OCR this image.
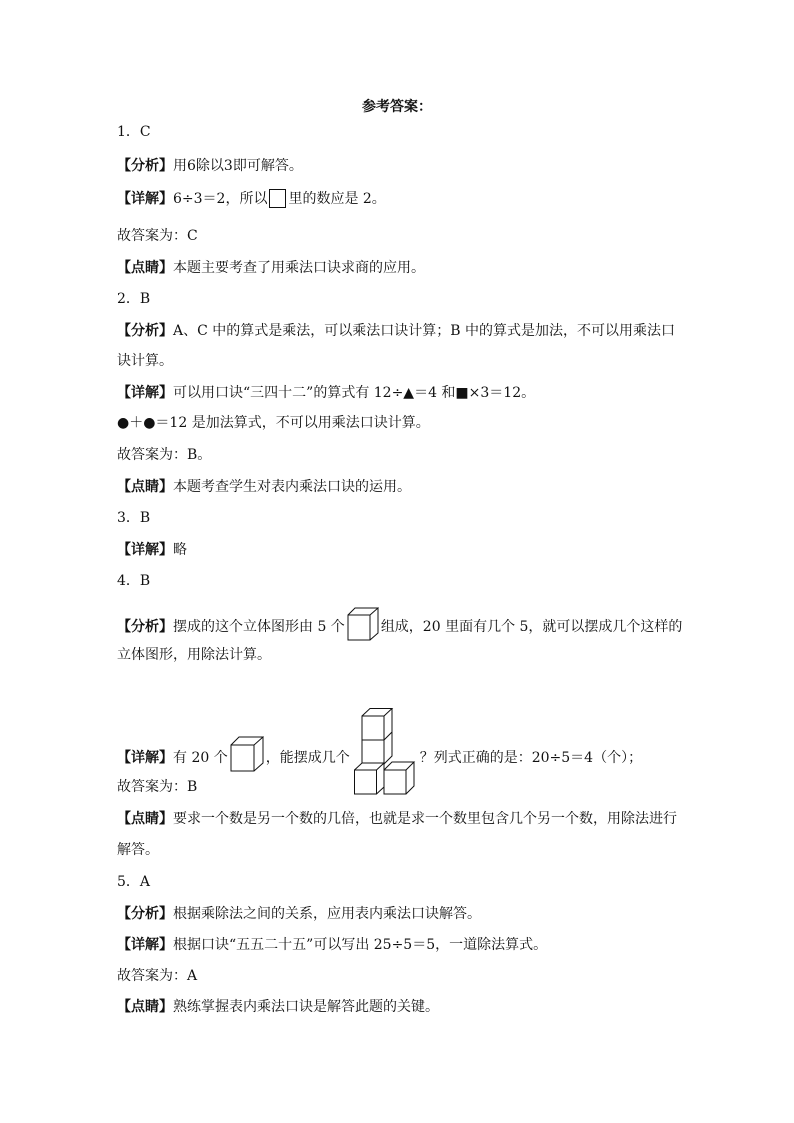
参考答案：
1．C
【分析】用6除以3即可解答。
【详解】6÷3＝2，所以 里的数应是 2。
故答案为：C
【点睛】本题主要考查了用乘法口诀求商的应用。
2．B
【分析】A、C 中的算式是乘法，可以乘法口诀计算；B 中的算式是加法，不可以用乘法口
诀计算。
【详解】可以用口诀“三四十二”的算式有 12÷▲＝4 和■×3＝12。
●＋●＝12 是加法算式，不可以用乘法口诀计算。
故答案为：B。
【点睛】本题考查学生对表内乘法口诀的运用。
3．B
【详解】略
4．B
【分析】摆成的这个立体图形由 5 个	组成，20 里面有几个 5，就可以摆成几个这样的
立体图形，用除法计算。
【详解】有 20 个	，能摆成几个	？列式正确的是：20÷5＝4（个）；
故答案为：B
【点睛】要求一个数是另一个数的几倍，也就是求一个数里包含几个另一个数，用除法进行
解答。
5．A
【分析】根据乘除法之间的关系，应用表内乘法口诀解答。
【详解】根据口诀“五五二十五”可以写出 25÷5＝5，一道除法算式。
故答案为：A
【点睛】熟练掌握表内乘法口诀是解答此题的关键。
